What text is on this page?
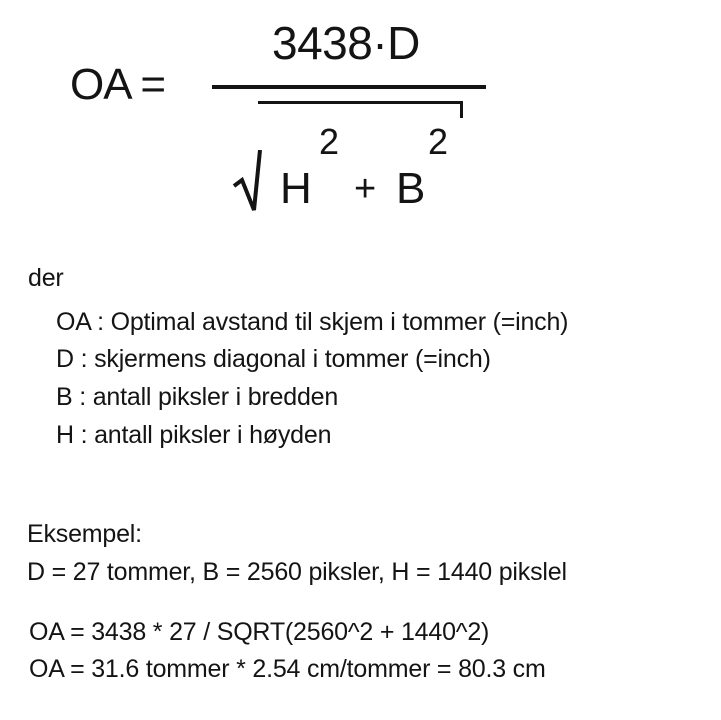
OA =
3438·D
H
2
+ B
2
der
OA : Optimal avstand til skjem i tommer (=inch)
D : skjermens diagonal i tommer (=inch)
B : antall piksler i bredden
H : antall piksler i høyden
Eksempel:
D = 27 tommer, B = 2560 piksler, H = 1440 pikslel
OA = 3438 * 27 / SQRT(2560^2 + 1440^2)
OA = 31.6 tommer * 2.54 cm/tommer = 80.3 cm
